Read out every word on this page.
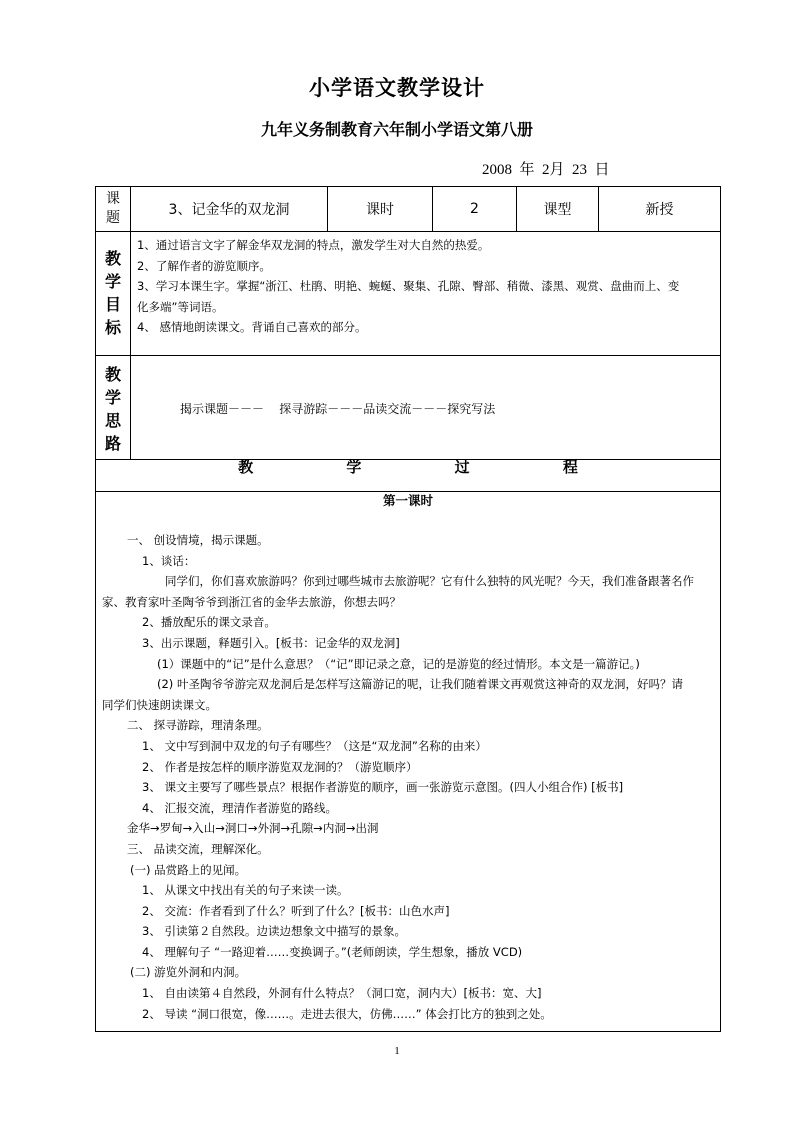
小学语文教学设计
九年义务制教育六年制小学语文第八册
2008  年  2月  23  日
课
题	3、记金华的双龙洞	课时	2	课型	新授
教
学
目
标
1、通过语言文字了解金华双龙洞的特点，激发学生对大自然的热爱。
2、了解作者的游览顺序。
3、学习本课生字。掌握“浙江、杜鹃、明艳、蜿蜒、聚集、孔隙、臀部、稍微、漆黑、观赏、盘曲而上、变
化多端”等词语。
4、 感情地朗读课文。背诵自己喜欢的部分。
教
学
思
路
揭示课题－－－    探寻游踪－－－品读交流－－－探究写法
教	学	过	程
第一课时
一、 创设情境，揭示课题。
1、谈话：
同学们，你们喜欢旅游吗？你到过哪些城市去旅游呢？它有什么独特的风光呢？今天，我们准备跟著名作
家、教育家叶圣陶爷爷到浙江省的金华去旅游，你想去吗？
2、播放配乐的课文录音。
3、出示课题，释题引入。[板书：记金华的双龙洞]
(1）课题中的“记”是什么意思？（“记”即记录之意，记的是游览的经过情形。本文是一篇游记。)
(2) 叶圣陶爷爷游完双龙洞后是怎样写这篇游记的呢，让我们随着课文再观赏这神奇的双龙洞，好吗？请
同学们快速朗读课文。
二、 探寻游踪，理清条理。
1、 文中写到洞中双龙的句子有哪些？（这是“双龙洞”名称的由来）
2、 作者是按怎样的顺序游览双龙洞的？（游览顺序）
3、 课文主要写了哪些景点？根据作者游览的顺序，画一张游览示意图。(四人小组合作) [板书]
4、 汇报交流，理清作者游览的路线。
金华→罗甸→入山→洞口→外洞→孔隙→内洞→出洞
三、 品读交流，理解深化。
(一) 品赏路上的见闻。
1、 从课文中找出有关的句子来读一读。
2、 交流：作者看到了什么？听到了什么？[板书：山色水声]
3、 引读第２自然段。边读边想象文中描写的景象。
4、 理解句子 “一路迎着……变换调子。”(老师朗读，学生想象，播放 VCD)
(二) 游览外洞和内洞。
1、 自由读第４自然段，外洞有什么特点？（洞口宽，洞内大）[板书：宽、大]
2、 导读 “洞口很宽，像……。走进去很大，仿佛……” 体会打比方的独到之处。
1
